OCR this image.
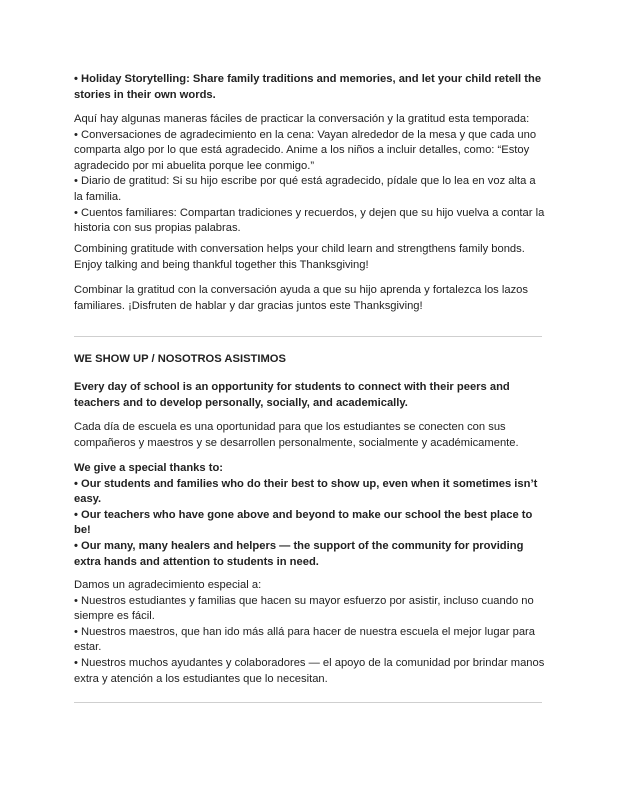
• Holiday Storytelling: Share family traditions and memories, and let your child retell the
stories in their own words.

Aquí hay algunas maneras fáciles de practicar la conversación y la gratitud esta temporada:
• Conversaciones de agradecimiento en la cena: Vayan alrededor de la mesa y que cada uno
comparta algo por lo que está agradecido. Anime a los niños a incluir detalles, como: “Estoy
agradecido por mi abuelita porque lee conmigo.”
• Diario de gratitud: Si su hijo escribe por qué está agradecido, pídale que lo lea en voz alta a
la familia.
• Cuentos familiares: Compartan tradiciones y recuerdos, y dejen que su hijo vuelva a contar la
historia con sus propias palabras.

Combining gratitude with conversation helps your child learn and strengthens family bonds.
Enjoy talking and being thankful together this Thanksgiving!

Combinar la gratitud con la conversación ayuda a que su hijo aprenda y fortalezca los lazos
familiares. ¡Disfruten de hablar y dar gracias juntos este Thanksgiving!

WE SHOW UP / NOSOTROS ASISTIMOS

Every day of school is an opportunity for students to connect with their peers and
teachers and to develop personally, socially, and academically.

Cada día de escuela es una oportunidad para que los estudiantes se conecten con sus
compañeros y maestros y se desarrollen personalmente, socialmente y académicamente.

We give a special thanks to:
• Our students and families who do their best to show up, even when it sometimes isn’t
easy.
• Our teachers who have gone above and beyond to make our school the best place to
be!
• Our many, many healers and helpers — the support of the community for providing
extra hands and attention to students in need.

Damos un agradecimiento especial a:
• Nuestros estudiantes y familias que hacen su mayor esfuerzo por asistir, incluso cuando no
siempre es fácil.
• Nuestros maestros, que han ido más allá para hacer de nuestra escuela el mejor lugar para
estar.
• Nuestros muchos ayudantes y colaboradores — el apoyo de la comunidad por brindar manos
extra y atención a los estudiantes que lo necesitan.
